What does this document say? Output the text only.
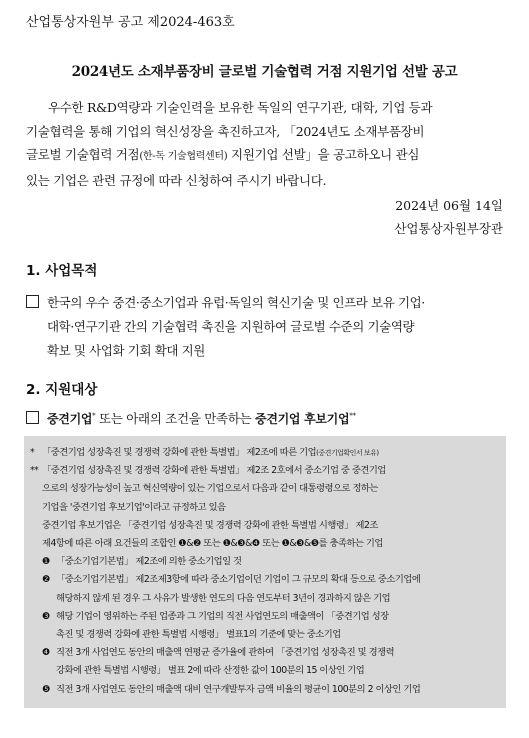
산업통상자원부 공고 제2024-463호
2024년도 소재부품장비 글로벌 기술협력 거점 지원기업 선발 공고
우수한 R&D역량과 기술인력을 보유한 독일의 연구기관, 대학, 기업 등과
기술협력을 통해 기업의 혁신성장을 촉진하고자, 「2024년도 소재부품장비
글로벌 기술협력 거점(한-독 기술협력센터) 지원기업 선발」을 공고하오니 관심
있는 기업은 관련 규정에 따라 신청하여 주시기 바랍니다.
2024년 06월 14일
산업통상자원부장관
1. 사업목적
한국의 우수 중견·중소기업과 유럽·독일의 혁신기술 및 인프라 보유 기업·
대학·연구기관 간의 기술협력 촉진을 지원하여 글로벌 수준의 기술역량
확보 및 사업화 기회 확대 지원
2. 지원대상
중견기업* 또는 아래의 조건을 만족하는 중견기업 후보기업**
* 「중견기업 성장촉진 및 경쟁력 강화에 관한 특별법」 제2조에 따른 기업(중견기업확인서 보유)
** 「중견기업 성장촉진 및 경쟁력 강화에 관한 특별법」 제2조 2호에서 중소기업 중 중견기업
으로의 성장가능성이 높고 혁신역량이 있는 기업으로서 다음과 같이 대통령령으로 정하는
기업을 '중견기업 후보기업'이라고 규정하고 있음
중견기업 후보기업은 「중견기업 성장촉진 및 경쟁력 강화에 관한 특별법 시행령」 제2조
제4항에 따른 아래 요건들의 조합인 ❶&❷ 또는 ❶&❸&❹ 또는 ❶&❸&❺를 충족하는 기업
❶ 「중소기업기본법」 제2조에 의한 중소기업일 것
❷ 「중소기업기본법」 제2조제3항에 따라 중소기업이던 기업이 그 규모의 확대 등으로 중소기업에
해당하지 않게 된 경우 그 사유가 발생한 연도의 다음 연도부터 3년이 경과하지 않은 기업
❸ 해당 기업이 영위하는 주된 업종과 그 기업의 직전 사업연도의 매출액이 「중견기업 성장
촉진 및 경쟁력 강화에 관한 특별법 시행령」 별표1의 기준에 맞는 중소기업
❹ 직전 3개 사업연도 동안의 매출액 연평균 증가율에 관하여 「중견기업 성장촉진 및 경쟁력
강화에 관한 특별법 시행령」 별표 2에 따라 산정한 값이 100분의 15 이상인 기업
❺ 직전 3개 사업연도 동안의 매출액 대비 연구개발투자 금액 비율의 평균이 100분의 2 이상인 기업
